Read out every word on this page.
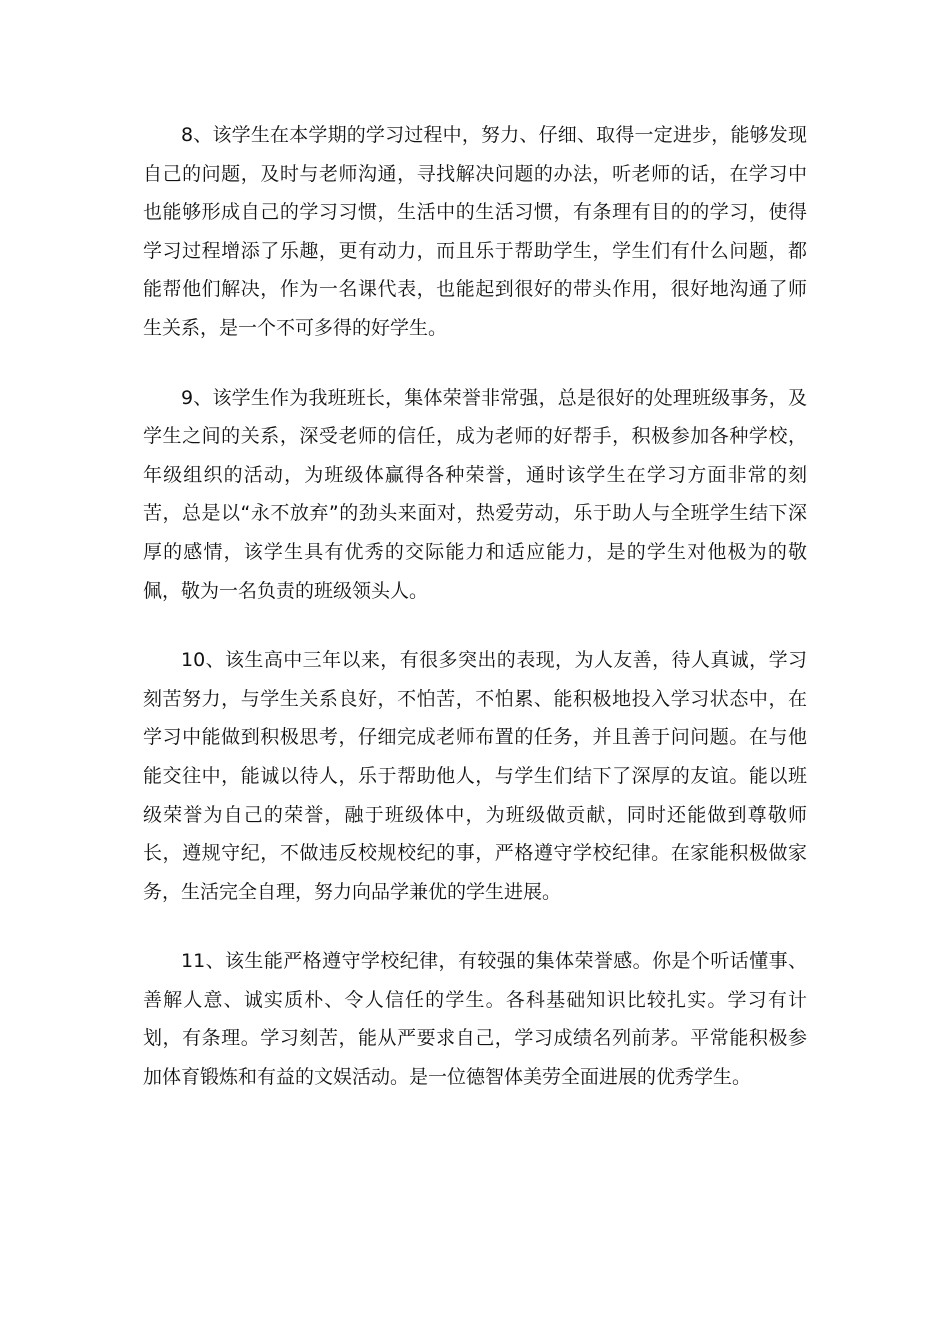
8、该学生在本学期的学习过程中，努力、仔细、取得一定进步，能够发现自己的问题，及时与老师沟通，寻找解决问题的办法，听老师的话，在学习中也能够形成自己的学习习惯，生活中的生活习惯，有条理有目的的学习，使得学习过程增添了乐趣，更有动力，而且乐于帮助学生，学生们有什么问题，都能帮他们解决，作为一名课代表，也能起到很好的带头作用，很好地沟通了师生关系，是一个不可多得的好学生。

9、该学生作为我班班长，集体荣誉非常强，总是很好的处理班级事务，及学生之间的关系，深受老师的信任，成为老师的好帮手，积极参加各种学校，年级组织的活动，为班级体赢得各种荣誉，通时该学生在学习方面非常的刻苦，总是以“永不放弃”的劲头来面对，热爱劳动，乐于助人与全班学生结下深厚的感情，该学生具有优秀的交际能力和适应能力，是的学生对他极为的敬佩，敬为一名负责的班级领头人。

10、该生高中三年以来，有很多突出的表现，为人友善，待人真诚，学习刻苦努力，与学生关系良好，不怕苦，不怕累、能积极地投入学习状态中，在学习中能做到积极思考，仔细完成老师布置的任务，并且善于问问题。在与他能交往中，能诚以待人，乐于帮助他人，与学生们结下了深厚的友谊。能以班级荣誉为自己的荣誉，融于班级体中，为班级做贡献，同时还能做到尊敬师长，遵规守纪，不做违反校规校纪的事，严格遵守学校纪律。在家能积极做家务，生活完全自理，努力向品学兼优的学生进展。

11、该生能严格遵守学校纪律，有较强的集体荣誉感。你是个听话懂事、善解人意、诚实质朴、令人信任的学生。各科基础知识比较扎实。学习有计划，有条理。学习刻苦，能从严要求自己，学习成绩名列前茅。平常能积极参加体育锻炼和有益的文娱活动。是一位德智体美劳全面进展的优秀学生。
